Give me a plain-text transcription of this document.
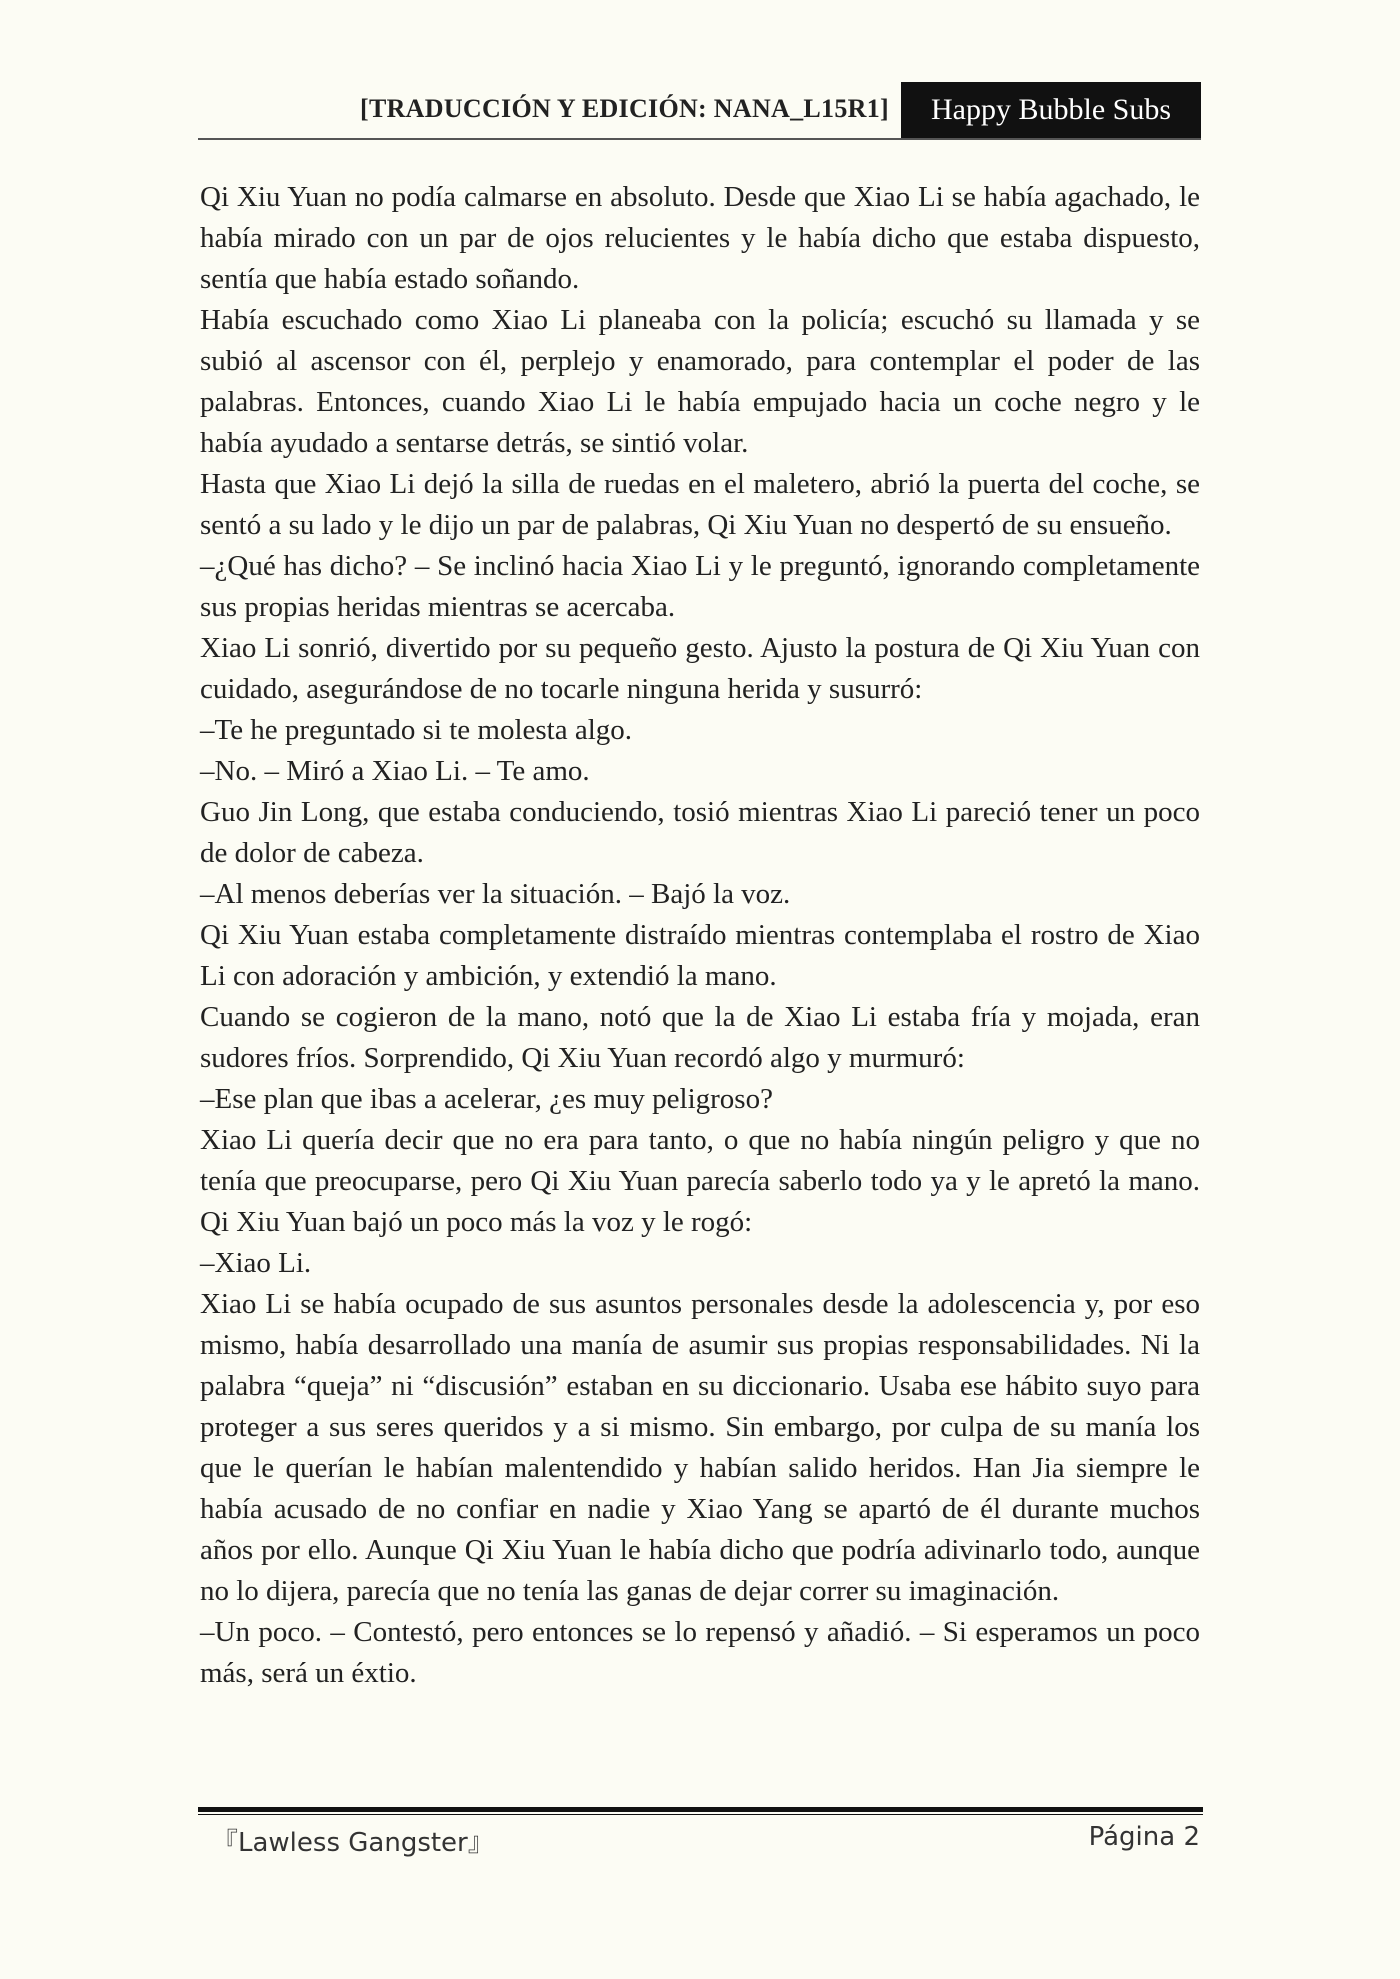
[TRADUCCIÓN Y EDICIÓN: NANA_L15R1]	Happy Bubble Subs

Qi Xiu Yuan no podía calmarse en absoluto. Desde que Xiao Li se había agachado, le había mirado con un par de ojos relucientes y le había dicho que estaba dispuesto, sentía que había estado soñando.

Había escuchado como Xiao Li planeaba con la policía; escuchó su llamada y se subió al ascensor con él, perplejo y enamorado, para contemplar el poder de las palabras. Entonces, cuando Xiao Li le había empujado hacia un coche negro y le había ayudado a sentarse detrás, se sintió volar.

Hasta que Xiao Li dejó la silla de ruedas en el maletero, abrió la puerta del coche, se sentó a su lado y le dijo un par de palabras, Qi Xiu Yuan no despertó de su ensueño.

–¿Qué has dicho? – Se inclinó hacia Xiao Li y le preguntó, ignorando completamente sus propias heridas mientras se acercaba.

Xiao Li sonrió, divertido por su pequeño gesto. Ajusto la postura de Qi Xiu Yuan con cuidado, asegurándose de no tocarle ninguna herida y susurró:

–Te he preguntado si te molesta algo.

–No. – Miró a Xiao Li. – Te amo.

Guo Jin Long, que estaba conduciendo, tosió mientras Xiao Li pareció tener un poco de dolor de cabeza.

–Al menos deberías ver la situación. – Bajó la voz.

Qi Xiu Yuan estaba completamente distraído mientras contemplaba el rostro de Xiao Li con adoración y ambición, y extendió la mano.

Cuando se cogieron de la mano, notó que la de Xiao Li estaba fría y mojada, eran sudores fríos. Sorprendido, Qi Xiu Yuan recordó algo y murmuró:

–Ese plan que ibas a acelerar, ¿es muy peligroso?

Xiao Li quería decir que no era para tanto, o que no había ningún peligro y que no tenía que preocuparse, pero Qi Xiu Yuan parecía saberlo todo ya y le apretó la mano. Qi Xiu Yuan bajó un poco más la voz y le rogó:

–Xiao Li.

Xiao Li se había ocupado de sus asuntos personales desde la adolescencia y, por eso mismo, había desarrollado una manía de asumir sus propias responsabilidades. Ni la palabra “queja” ni “discusión” estaban en su diccionario. Usaba ese hábito suyo para proteger a sus seres queridos y a si mismo. Sin embargo, por culpa de su manía los que le querían le habían malentendido y habían salido heridos. Han Jia siempre le había acusado de no confiar en nadie y Xiao Yang se apartó de él durante muchos años por ello. Aunque Qi Xiu Yuan le había dicho que podría adivinarlo todo, aunque no lo dijera, parecía que no tenía las ganas de dejar correr su imaginación.

–Un poco. – Contestó, pero entonces se lo repensó y añadió. – Si esperamos un poco más, será un éxtio.

『Lawless Gangster』	Página 2
